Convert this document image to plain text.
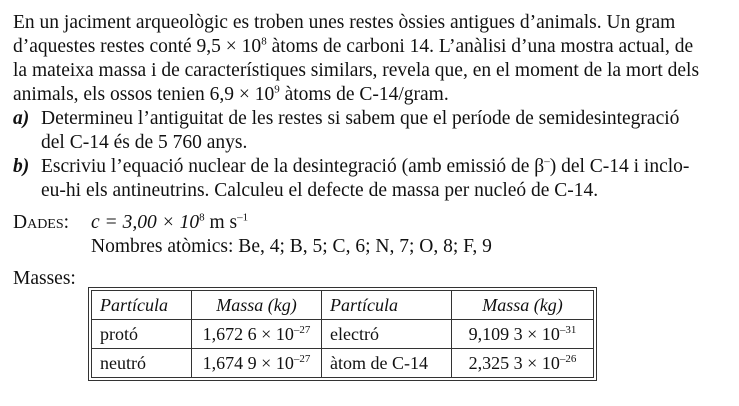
En un jaciment arqueològic es troben unes restes òssies antigues d’animals. Un gram
d’aquestes restes conté $9,5 \times 10^8$ àtoms de carboni 14. L’anàlisi d’una mostra actual, de
la mateixa massa i de característiques similars, revela que, en el moment de la mort dels
animals, els ossos tenien $6,9 \times 10^9$ àtoms de C-14/gram.
a) Determineu l’antiguitat de les restes si sabem que el període de semidesintegració
del C-14 és de 5 760 anys.
b) Escriviu l’equació nuclear de la desintegració (amb emissió de β–) del C-14 i inclo-
eu-hi els antineutrins. Calculeu el defecte de massa per nucleó de C-14.
Dades: $c = 3,00 \times 10^8$ m $s^{-1}$
Nombres atòmics: Be, 4; B, 5; C, 6; N, 7; O, 8; F, 9
Masses:
Partícula	Massa (kg)	Partícula	Massa (kg)
protó	1,672 $6 \times 10^{-27}$	electró	9,109 $3 \times 10^{-31}$
neutró	1,674 $9 \times 10^{-27}$	àtom de C-14	2,325 $3 \times 10^{-26}$
